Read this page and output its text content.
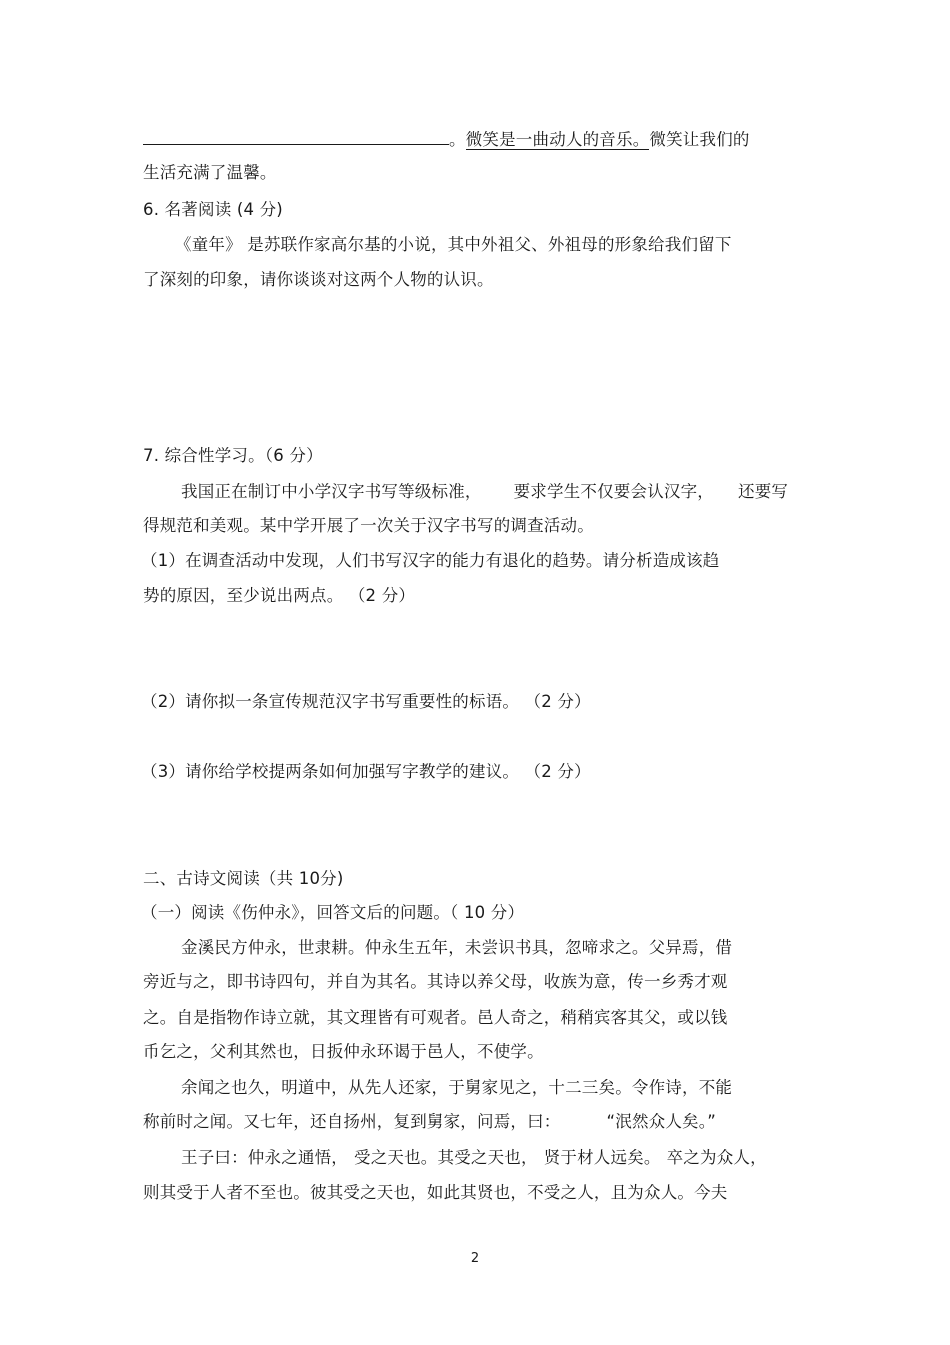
。微笑是一曲动人的音乐。微笑让我们的
生活充满了温馨。
6. 名著阅读 (4 分)
《童年》 是苏联作家高尔基的小说，其中外祖父、外祖母的形象给我们留下
了深刻的印象，请你谈谈对这两个人物的认识。
7. 综合性学习。（6 分）
我国正在制订中小学汉字书写等级标准， 要求学生不仅要会认汉字， 还要写
得规范和美观。某中学开展了一次关于汉字书写的调查活动。
（1）在调查活动中发现，人们书写汉字的能力有退化的趋势。请分析造成该趋
势的原因，至少说出两点。 （2 分）
（2）请你拟一条宣传规范汉字书写重要性的标语。 （2 分）
（3）请你给学校提两条如何加强写字教学的建议。 （2 分）
二、古诗文阅读（共 10分)
（一）阅读《伤仲永》，回答文后的问题。（ 10 分）
金溪民方仲永，世隶耕。仲永生五年，未尝识书具，忽啼求之。父异焉，借
旁近与之，即书诗四句，并自为其名。其诗以养父母，收族为意，传一乡秀才观
之。自是指物作诗立就，其文理皆有可观者。邑人奇之，稍稍宾客其父，或以钱
币乞之，父利其然也，日扳仲永环谒于邑人，不使学。
余闻之也久，明道中，从先人还家，于舅家见之，十二三矣。令作诗，不能
称前时之闻。又七年，还自扬州，复到舅家，问焉，曰：	“泯然众人矣。”
王子曰：仲永之通悟， 受之天也。其受之天也， 贤于材人远矣。 卒之为众人，
则其受于人者不至也。彼其受之天也，如此其贤也，不受之人，且为众人。今夫
2
